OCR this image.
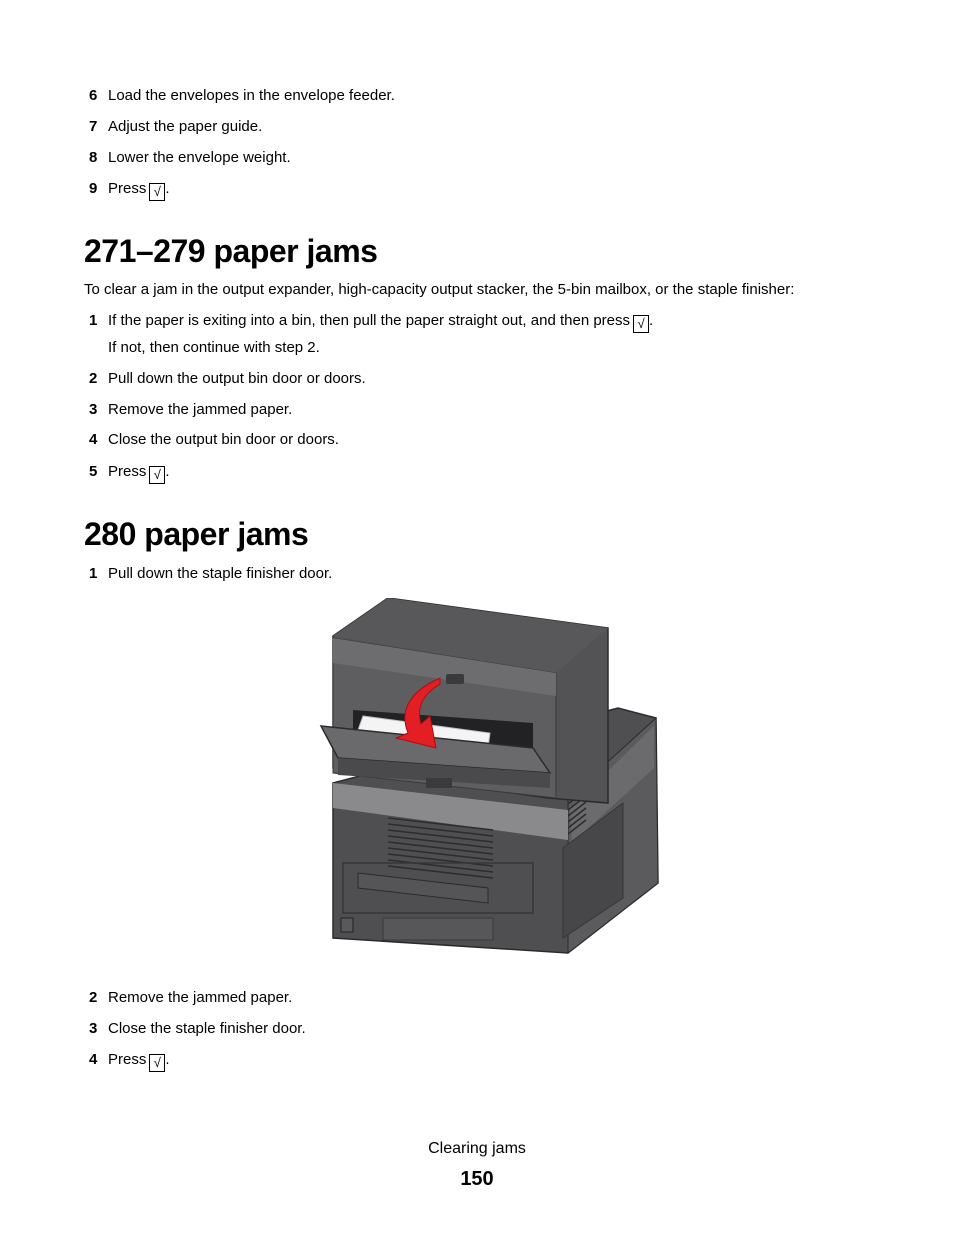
6 Load the envelopes in the envelope feeder.
7 Adjust the paper guide.
8 Lower the envelope weight.
9 Press √ .
271–279 paper jams
To clear a jam in the output expander, high-capacity output stacker, the 5-bin mailbox, or the staple finisher:
1 If the paper is exiting into a bin, then pull the paper straight out, and then press √ .
If not, then continue with step 2.
2 Pull down the output bin door or doors.
3 Remove the jammed paper.
4 Close the output bin door or doors.
5 Press √ .
280 paper jams
1 Pull down the staple finisher door.
2 Remove the jammed paper.
3 Close the staple finisher door.
4 Press √ .
Clearing jams
150
